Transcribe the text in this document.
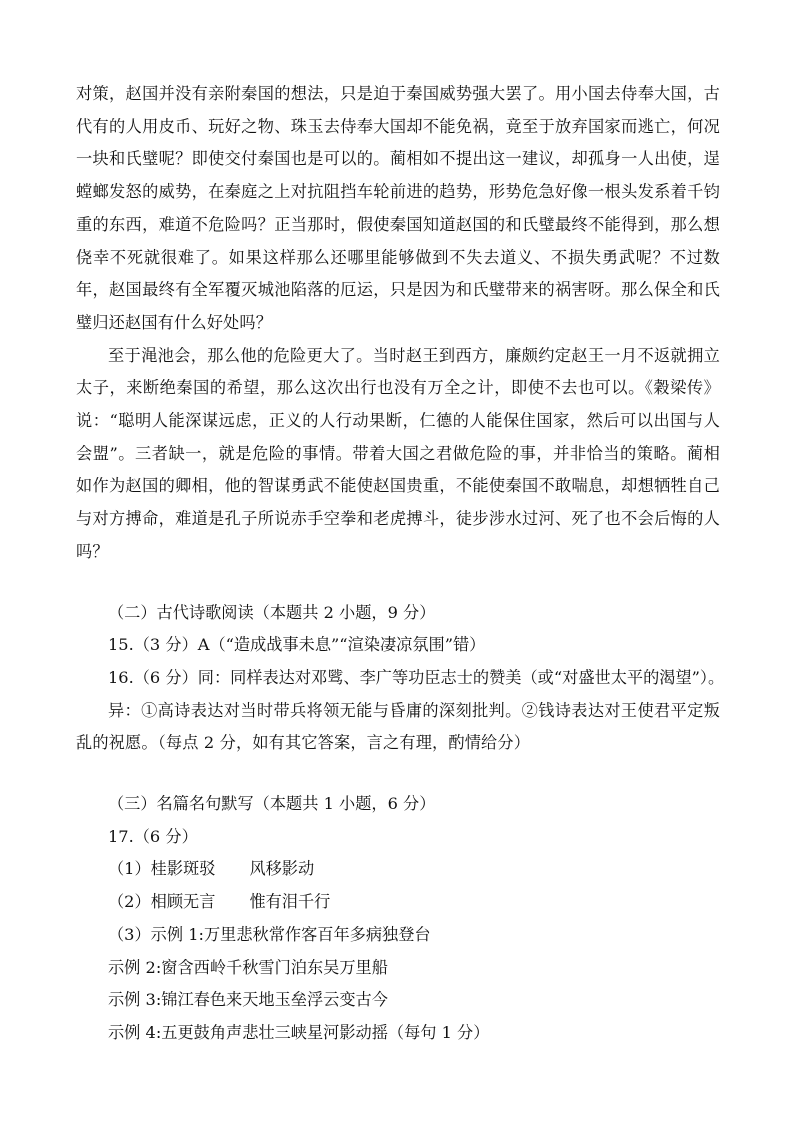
对策，赵国并没有亲附秦国的想法，只是迫于秦国威势强大罢了。用小国去侍奉大国，古代有的人用皮币、玩好之物、珠玉去侍奉大国却不能免祸，竟至于放弃国家而逃亡，何况一块和氏璧呢？即使交付秦国也是可以的。蔺相如不提出这一建议，却孤身一人出使，逞螳螂发怒的威势，在秦庭之上对抗阻挡车轮前进的趋势，形势危急好像一根头发系着千钧重的东西，难道不危险吗？正当那时，假使秦国知道赵国的和氏璧最终不能得到，那么想侥幸不死就很难了。如果这样那么还哪里能够做到不失去道义、不损失勇武呢？不过数年，赵国最终有全军覆灭城池陷落的厄运，只是因为和氏璧带来的祸害呀。那么保全和氏璧归还赵国有什么好处吗？

至于渑池会，那么他的危险更大了。当时赵王到西方，廉颇约定赵王一月不返就拥立太子，来断绝秦国的希望，那么这次出行也没有万全之计，即使不去也可以。《穀梁传》说：“聪明人能深谋远虑，正义的人行动果断，仁德的人能保住国家，然后可以出国与人会盟”。三者缺一，就是危险的事情。带着大国之君做危险的事，并非恰当的策略。蔺相如作为赵国的卿相，他的智谋勇武不能使赵国贵重，不能使秦国不敢喘息，却想牺牲自己与对方搏命，难道是孔子所说赤手空拳和老虎搏斗，徒步涉水过河、死了也不会后悔的人吗？

（二）古代诗歌阅读（本题共 2 小题，9 分）

15.（3 分）A（“造成战事未息”“渲染凄凉氛围”错）

16.（6 分）同：同样表达对邓骘、李广等功臣志士的赞美（或“对盛世太平的渴望”）。

异：①高诗表达对当时带兵将领无能与昏庸的深刻批判。②钱诗表达对王使君平定叛乱的祝愿。（每点 2 分，如有其它答案，言之有理，酌情给分）

（三）名篇名句默写（本题共 1 小题，6 分）

17.（6 分）

（1）桂影斑驳 风移影动

（2）相顾无言 惟有泪千行

（3）示例 1:万里悲秋常作客百年多病独登台

示例 2:窗含西岭千秋雪门泊东吴万里船

示例 3:锦江春色来天地玉垒浮云变古今

示例 4:五更鼓角声悲壮三峡星河影动摇（每句 1 分）
